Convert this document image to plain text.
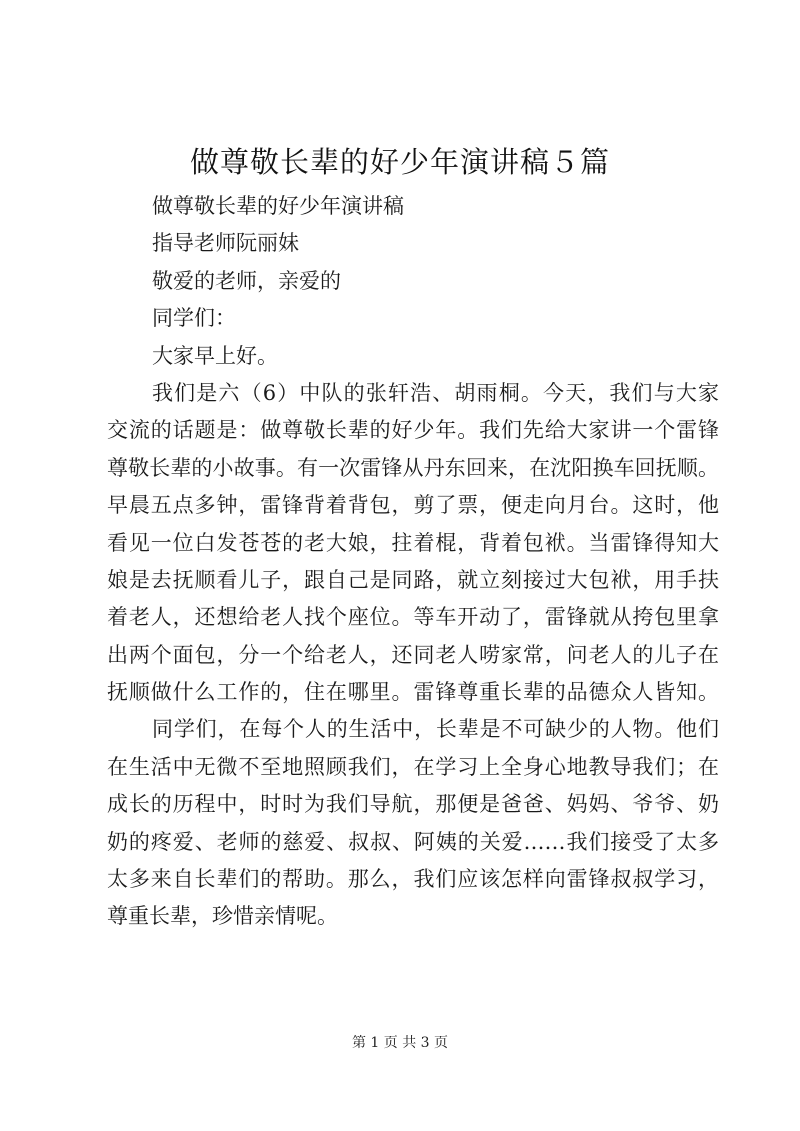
做尊敬长辈的好少年演讲稿５篇
做尊敬长辈的好少年演讲稿
指导老师阮丽妹
敬爱的老师，亲爱的
同学们：
大家早上好。
我们是六（6）中队的张轩浩、胡雨桐。今天，我们与大家
交流的话题是：做尊敬长辈的好少年。我们先给大家讲一个雷锋
尊敬长辈的小故事。有一次雷锋从丹东回来，在沈阳换车回抚顺。
早晨五点多钟，雷锋背着背包，剪了票，便走向月台。这时，他
看见一位白发苍苍的老大娘，拄着棍，背着包袱。当雷锋得知大
娘是去抚顺看儿子，跟自己是同路，就立刻接过大包袱，用手扶
着老人，还想给老人找个座位。等车开动了，雷锋就从挎包里拿
出两个面包，分一个给老人，还同老人唠家常，问老人的儿子在
抚顺做什么工作的，住在哪里。雷锋尊重长辈的品德众人皆知。
同学们，在每个人的生活中，长辈是不可缺少的人物。他们
在生活中无微不至地照顾我们，在学习上全身心地教导我们；在
成长的历程中，时时为我们导航，那便是爸爸、妈妈、爷爷、奶
奶的疼爱、老师的慈爱、叔叔、阿姨的关爱……我们接受了太多
太多来自长辈们的帮助。那么，我们应该怎样向雷锋叔叔学习，
尊重长辈，珍惜亲情呢。
第 1 页 共 3 页
